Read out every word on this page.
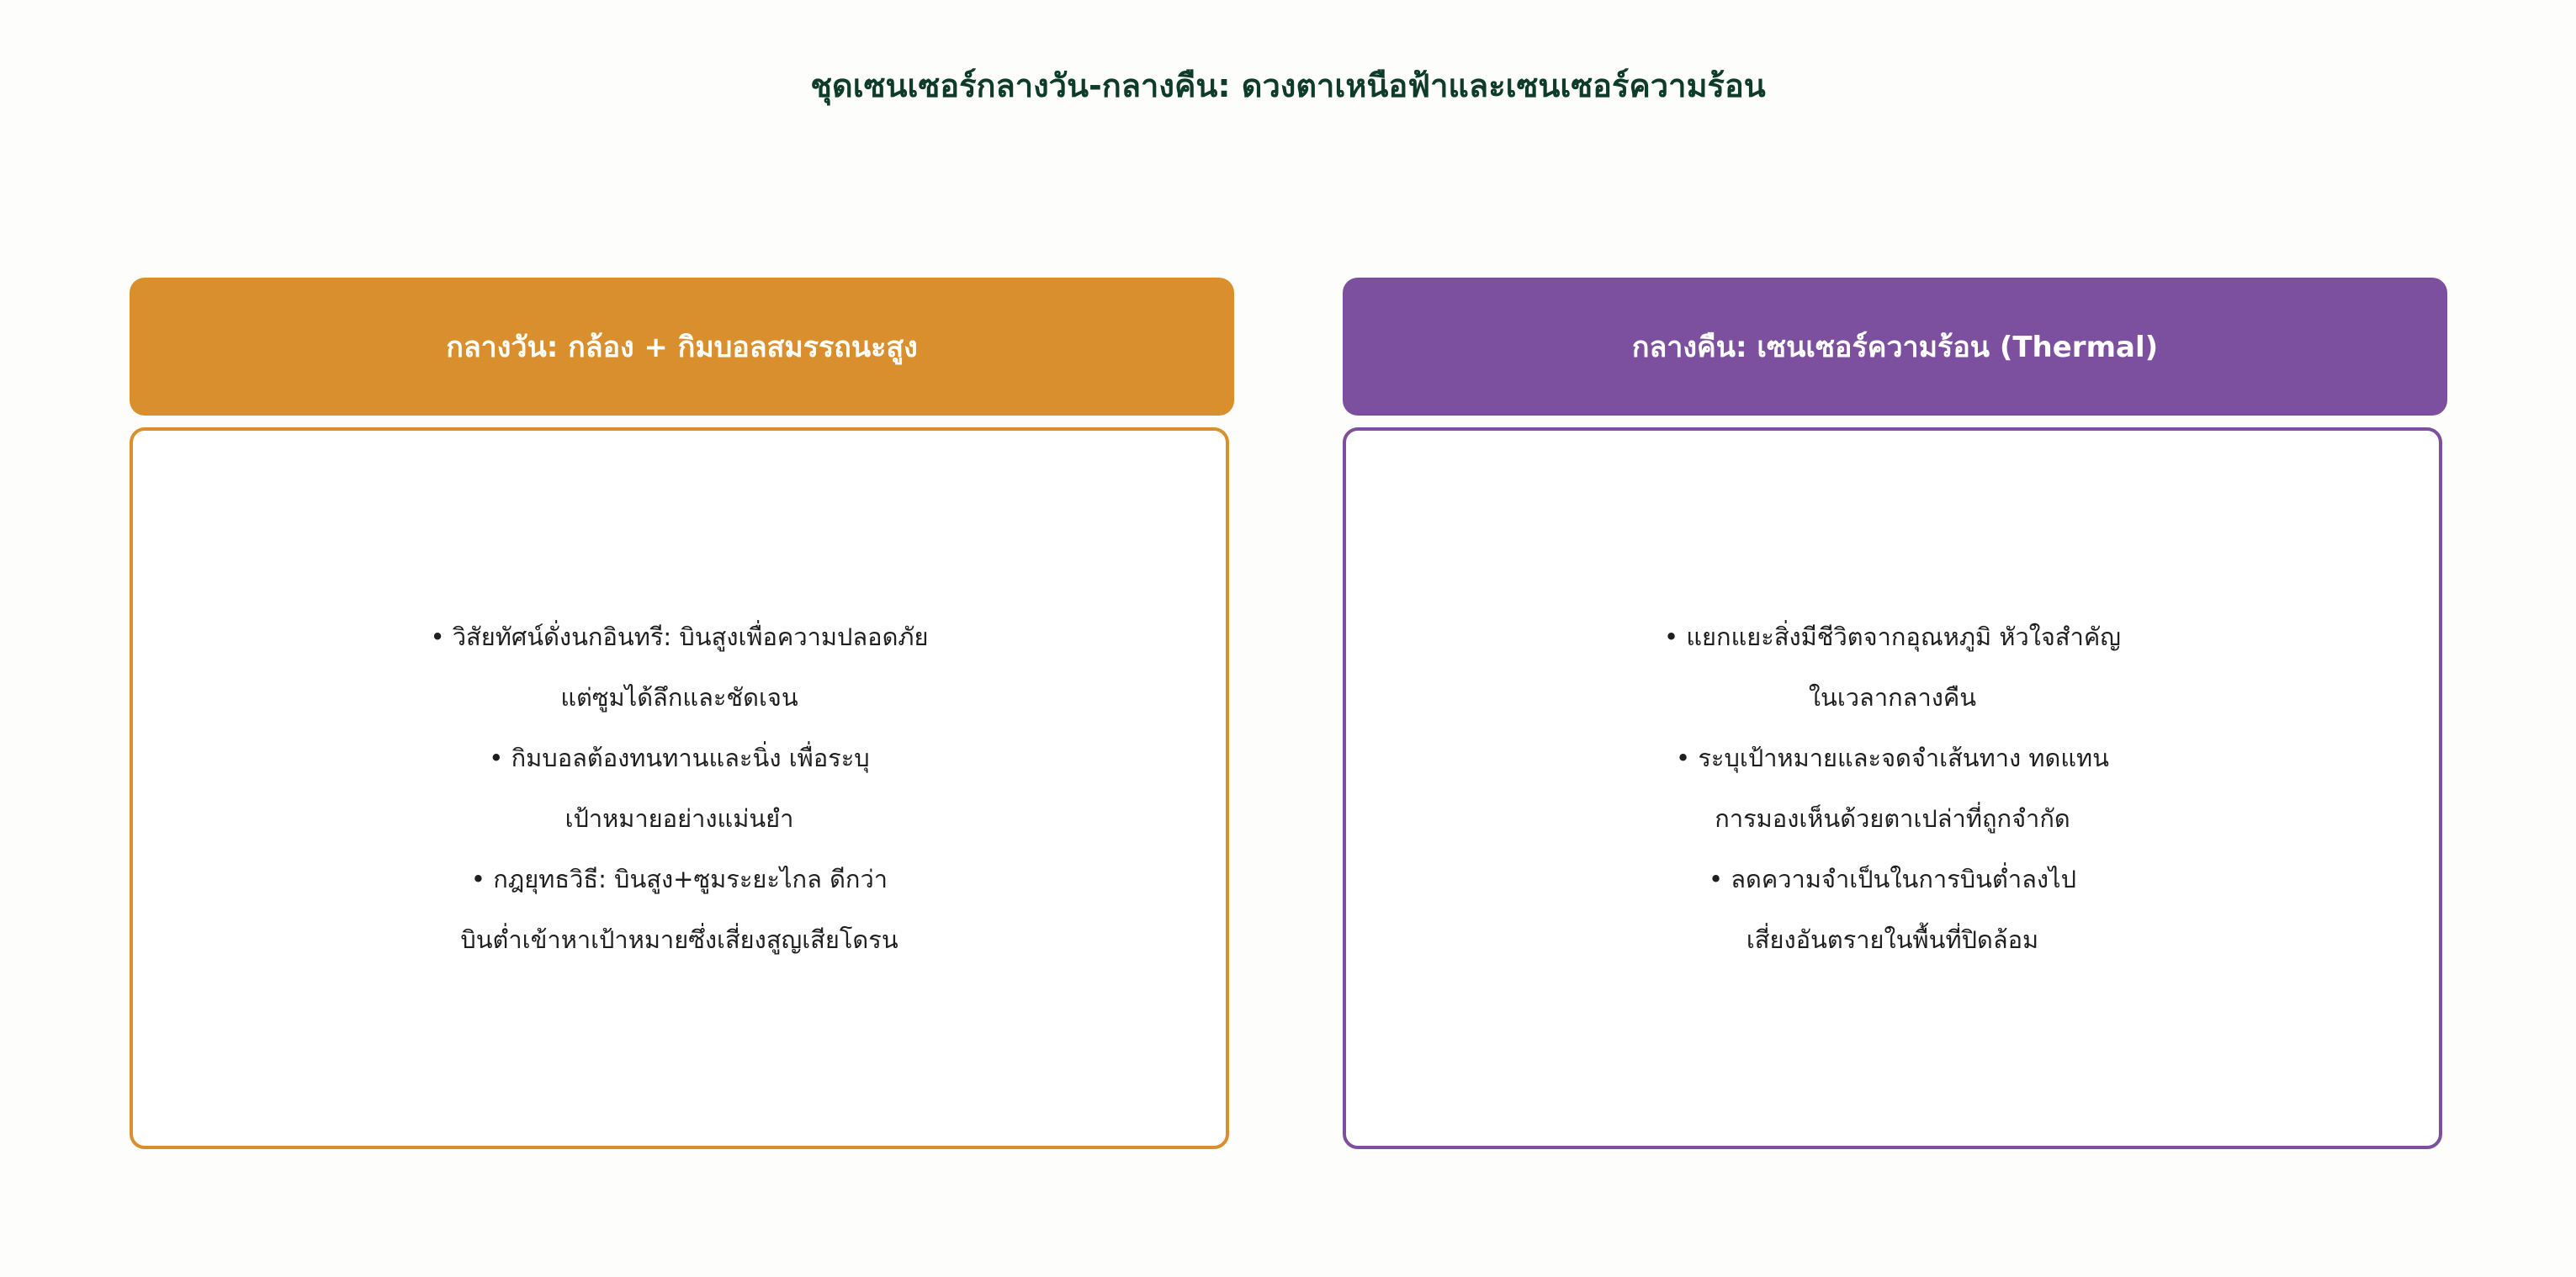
ชุดเซนเซอร์กลางวัน-กลางคืน: ดวงตาเหนือฟ้าและเซนเซอร์ความร้อน
กลางวัน: กล้อง + กิมบอลสมรรถนะสูง
• วิสัยทัศน์ดั่งนกอินทรี: บินสูงเพื่อความปลอดภัย
แต่ซูมได้ลึกและชัดเจน
• กิมบอลต้องทนทานและนิ่ง เพื่อระบุ
เป้าหมายอย่างแม่นยำ
• กฎยุทธวิธี: บินสูง+ซูมระยะไกล ดีกว่า
บินต่ำเข้าหาเป้าหมายซึ่งเสี่ยงสูญเสียโดรน
กลางคืน: เซนเซอร์ความร้อน (Thermal)
• แยกแยะสิ่งมีชีวิตจากอุณหภูมิ หัวใจสำคัญ
ในเวลากลางคืน
• ระบุเป้าหมายและจดจำเส้นทาง ทดแทน
การมองเห็นด้วยตาเปล่าที่ถูกจำกัด
• ลดความจำเป็นในการบินต่ำลงไป
เสี่ยงอันตรายในพื้นที่ปิดล้อม
